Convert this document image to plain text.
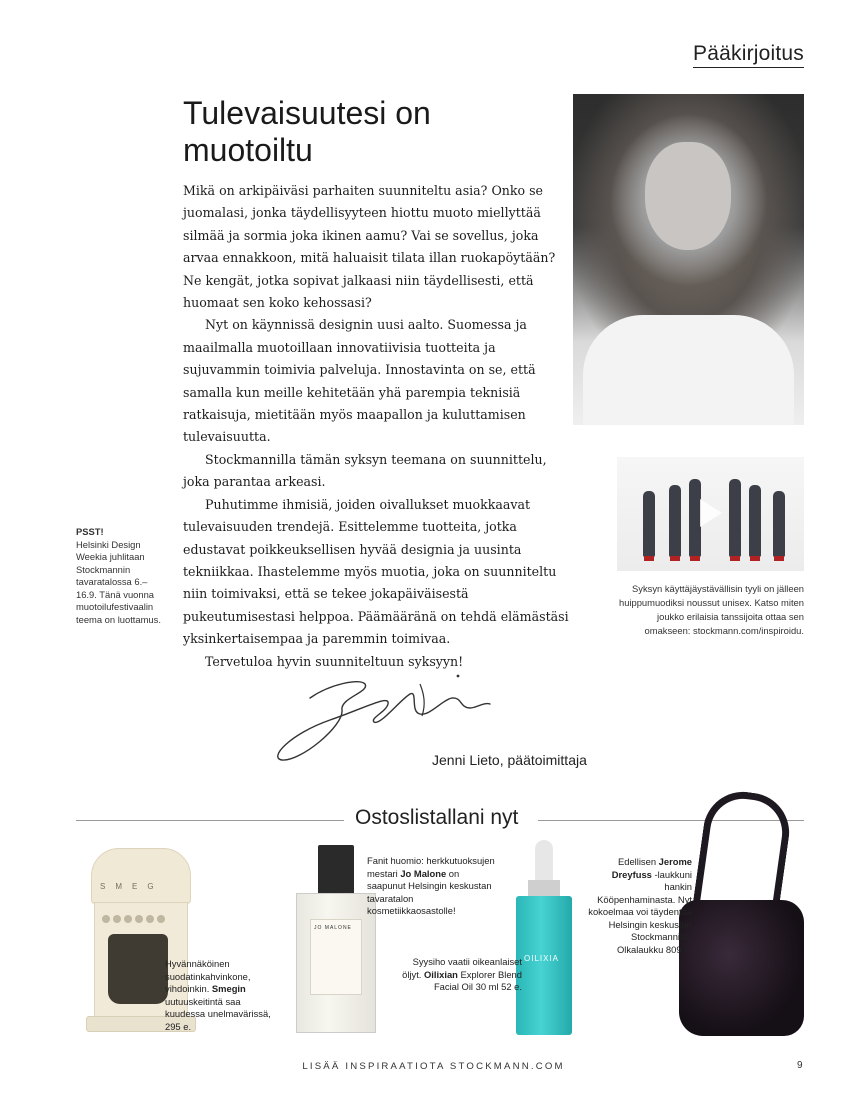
Pääkirjoitus
Tulevaisuutesi on muotoiltu

Mikä on arkipäiväsi parhaiten suunniteltu asia? Onko se juomalasi, jonka täydellisyyteen hiottu muoto miellyttää silmää ja sormia joka ikinen aamu? Vai se sovellus, joka arvaa ennakkoon, mitä haluaisit tilata illan ruokapöytään? Ne kengät, jotka sopivat jalkaasi niin täydellisesti, että huomaat sen koko kehossasi?

Nyt on käynnissä designin uusi aalto. Suomessa ja maailmalla muotoillaan innovatiivisia tuotteita ja sujuvammin toimivia palveluja. Innostavinta on se, että samalla kun meille kehitetään yhä parempia teknisiä ratkaisuja, mietitään myös maapallon ja kuluttamisen tulevaisuutta.

Stockmannilla tämän syksyn teemana on suunnittelu, joka parantaa arkeasi.

Puhutimme ihmisiä, joiden oivallukset muokkaavat tulevaisuuden trendejä. Esittelemme tuotteita, jotka edustavat poikkeuksellisen hyvää designia ja uusinta tekniikkaa. Ihastelemme myös muotia, joka on suunniteltu niin toimivaksi, että se tekee jokapäiväisestä pukeutumisestasi helppoa. Päämääränä on tehdä elämästäsi yksinkertaisempaa ja paremmin toimivaa.

Tervetuloa hyvin suunniteltuun syksyyn!

Syksyn käyttäjäystävällisin tyyli on jälleen huippumuodiksi noussut unisex. Katso miten joukko erilaisia tanssijoita ottaa sen omakseen: stockmann.com/inspiroidu.
PSST!
Helsinki Design Weekia juhlitaan Stockmannin tavaratalossa 6.–16.9. Tänä vuonna muotoilufestivaalin teema on luottamus.
Jenni Lieto, päätoimittaja
Ostoslistallani nyt
SMEG
Hyvännäköinen suodatinkahvinkone, vihdoinkin. Smegin uutuuskeitintä saa kuudessa unelmavärissä, 295 e.
JO MALONE
Fanit huomio: herkkutuoksujen mestari Jo Malone on saapunut Helsingin keskustan tavaratalon kosmetiikkaosastolle!
OILIXIA
Syysiho vaatii oikeanlaiset öljyt. Oilixian Explorer Blend Facial Oil 30 ml 52 e.
Edellisen Jerome Dreyfuss -laukkuni hankin Kööpenhaminasta. Nyt kokoelmaa voi täydentää Helsingin keskustan Stockmannilla. Olkalaukku 809 e.
LISÄÄ INSPIRAATIOTA STOCKMANN.COM	9
